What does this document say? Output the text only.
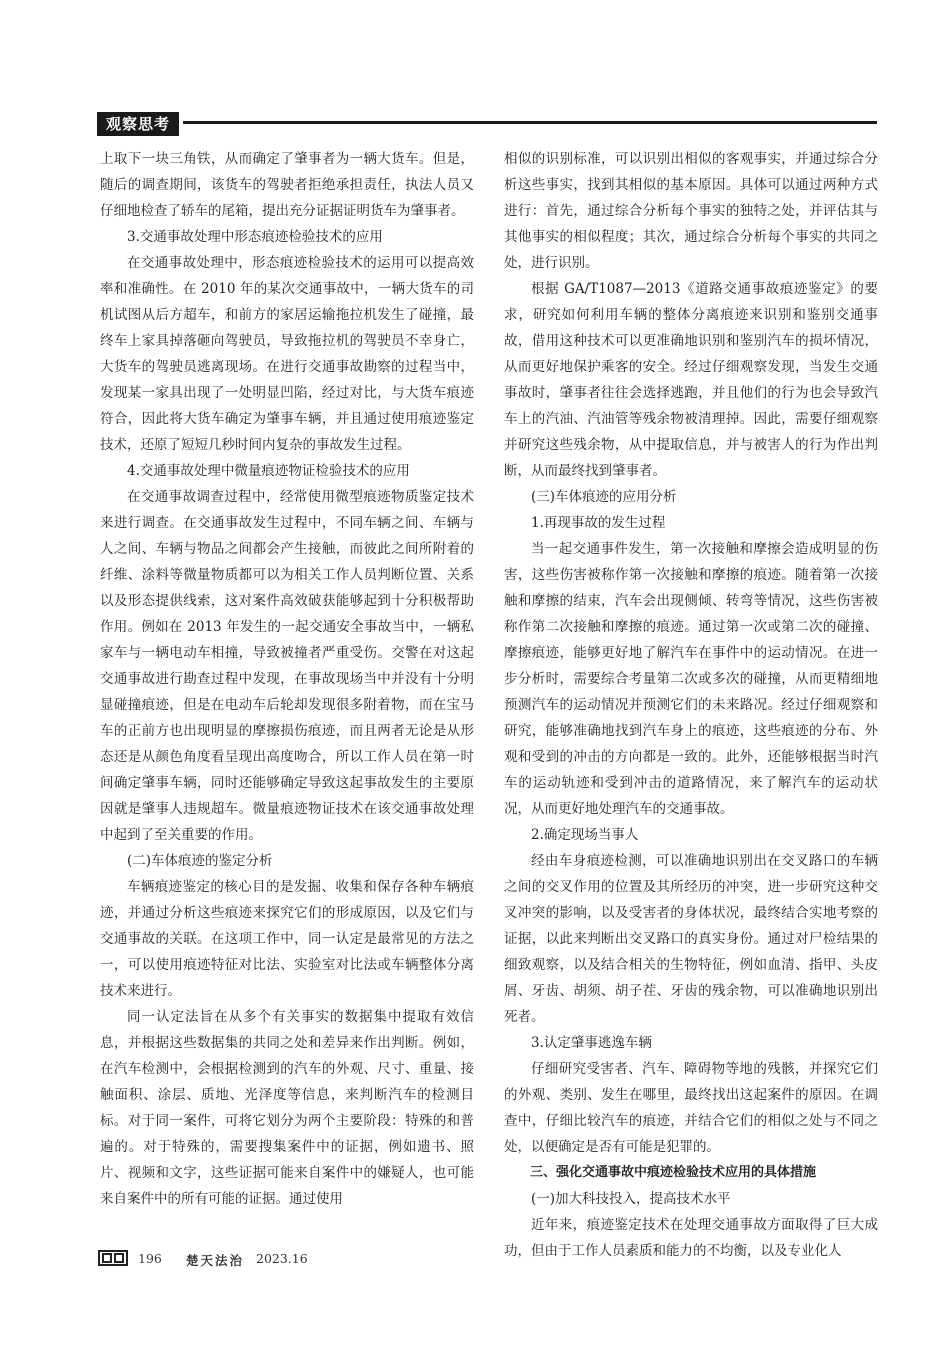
观察思考

上取下一块三角铁，从而确定了肇事者为一辆大货车。但是，随后的调查期间，该货车的驾驶者拒绝承担责任，执法人员又仔细地检查了轿车的尾箱，提出充分证据证明货车为肇事者。

3.交通事故处理中形态痕迹检验技术的应用

在交通事故处理中，形态痕迹检验技术的运用可以提高效率和准确性。在 2010 年的某次交通事故中，一辆大货车的司机试图从后方超车，和前方的家居运输拖拉机发生了碰撞，最终车上家具掉落砸向驾驶员，导致拖拉机的驾驶员不幸身亡，大货车的驾驶员逃离现场。在进行交通事故勘察的过程当中，发现某一家具出现了一处明显凹陷，经过对比，与大货车痕迹符合，因此将大货车确定为肇事车辆，并且通过使用痕迹鉴定技术，还原了短短几秒时间内复杂的事故发生过程。

4.交通事故处理中微量痕迹物证检验技术的应用

在交通事故调查过程中，经常使用微型痕迹物质鉴定技术来进行调查。在交通事故发生过程中，不同车辆之间、车辆与人之间、车辆与物品之间都会产生接触，而彼此之间所附着的纤维、涂料等微量物质都可以为相关工作人员判断位置、关系以及形态提供线索，这对案件高效破获能够起到十分积极帮助作用。例如在 2013 年发生的一起交通安全事故当中，一辆私家车与一辆电动车相撞，导致被撞者严重受伤。交警在对这起交通事故进行勘查过程中发现，在事故现场当中并没有十分明显碰撞痕迹，但是在电动车后轮却发现很多附着物，而在宝马车的正前方也出现明显的摩擦损伤痕迹，而且两者无论是从形态还是从颜色角度看呈现出高度吻合，所以工作人员在第一时间确定肇事车辆，同时还能够确定导致这起事故发生的主要原因就是肇事人违规超车。微量痕迹物证技术在该交通事故处理中起到了至关重要的作用。

(二)车体痕迹的鉴定分析

车辆痕迹鉴定的核心目的是发掘、收集和保存各种车辆痕迹，并通过分析这些痕迹来探究它们的形成原因，以及它们与交通事故的关联。在这项工作中，同一认定是最常见的方法之一，可以使用痕迹特征对比法、实验室对比法或车辆整体分离技术来进行。

同一认定法旨在从多个有关事实的数据集中提取有效信息，并根据这些数据集的共同之处和差异来作出判断。例如，在汽车检测中，会根据检测到的汽车的外观、尺寸、重量、接触面积、涂层、质地、光泽度等信息，来判断汽车的检测目标。对于同一案件，可将它划分为两个主要阶段：特殊的和普遍的。对于特殊的，需要搜集案件中的证据，例如遗书、照片、视频和文字，这些证据可能来自案件中的嫌疑人，也可能来自案件中的所有可能的证据。通过使用

相似的识别标准，可以识别出相似的客观事实，并通过综合分析这些事实，找到其相似的基本原因。具体可以通过两种方式进行：首先，通过综合分析每个事实的独特之处，并评估其与其他事实的相似程度；其次，通过综合分析每个事实的共同之处，进行识别。

根据 GA/T1087—2013《道路交通事故痕迹鉴定》的要求，研究如何利用车辆的整体分离痕迹来识别和鉴别交通事故，借用这种技术可以更准确地识别和鉴别汽车的损坏情况，从而更好地保护乘客的安全。经过仔细观察发现，当发生交通事故时，肇事者往往会选择逃跑，并且他们的行为也会导致汽车上的汽油、汽油管等残余物被清理掉。因此，需要仔细观察并研究这些残余物，从中提取信息，并与被害人的行为作出判断，从而最终找到肇事者。

(三)车体痕迹的应用分析

1.再现事故的发生过程

当一起交通事件发生，第一次接触和摩擦会造成明显的伤害，这些伤害被称作第一次接触和摩擦的痕迹。随着第一次接触和摩擦的结束，汽车会出现侧倾、转弯等情况，这些伤害被称作第二次接触和摩擦的痕迹。通过第一次或第二次的碰撞、摩擦痕迹，能够更好地了解汽车在事件中的运动情况。在进一步分析时，需要综合考量第二次或多次的碰撞，从而更精细地预测汽车的运动情况并预测它们的未来路况。经过仔细观察和研究，能够准确地找到汽车身上的痕迹，这些痕迹的分布、外观和受到的冲击的方向都是一致的。此外，还能够根据当时汽车的运动轨迹和受到冲击的道路情况，来了解汽车的运动状况，从而更好地处理汽车的交通事故。

2.确定现场当事人

经由车身痕迹检测，可以准确地识别出在交叉路口的车辆之间的交叉作用的位置及其所经历的冲突，进一步研究这种交叉冲突的影响，以及受害者的身体状况，最终结合实地考察的证据，以此来判断出交叉路口的真实身份。通过对尸检结果的细致观察，以及结合相关的生物特征，例如血清、指甲、头皮屑、牙齿、胡须、胡子茬、牙齿的残余物，可以准确地识别出死者。

3.认定肇事逃逸车辆

仔细研究受害者、汽车、障碍物等地的残骸，并探究它们的外观、类别、发生在哪里，最终找出这起案件的原因。在调查中，仔细比较汽车的痕迹，并结合它们的相似之处与不同之处，以便确定是否有可能是犯罪的。

三、强化交通事故中痕迹检验技术应用的具体措施

(一)加大科技投入，提高技术水平

近年来，痕迹鉴定技术在处理交通事故方面取得了巨大成功，但由于工作人员素质和能力的不均衡，以及专业化人

196 楚天法治 2023.16
